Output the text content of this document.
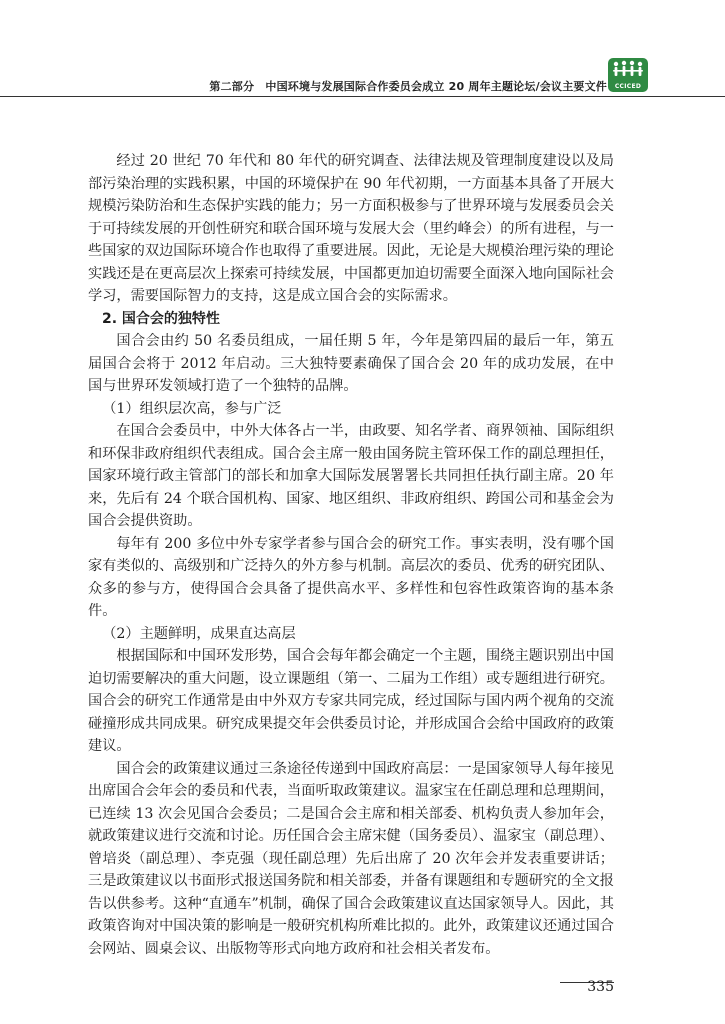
第二部分　中国环境与发展国际合作委员会成立 20 周年主题论坛/会议主要文件	CCICED

经过 20 世纪 70 年代和 80 年代的研究调查、法律法规及管理制度建设以及局部污染治理的实践积累，中国的环境保护在 90 年代初期，一方面基本具备了开展大规模污染防治和生态保护实践的能力；另一方面积极参与了世界环境与发展委员会关于可持续发展的开创性研究和联合国环境与发展大会（里约峰会）的所有进程，与一些国家的双边国际环境合作也取得了重要进展。因此，无论是大规模治理污染的理论实践还是在更高层次上探索可持续发展，中国都更加迫切需要全面深入地向国际社会学习，需要国际智力的支持，这是成立国合会的实际需求。

2. 国合会的独特性

国合会由约 50 名委员组成，一届任期 5 年，今年是第四届的最后一年，第五届国合会将于 2012 年启动。三大独特要素确保了国合会 20 年的成功发展，在中国与世界环发领域打造了一个独特的品牌。

（1）组织层次高，参与广泛

在国合会委员中，中外大体各占一半，由政要、知名学者、商界领袖、国际组织和环保非政府组织代表组成。国合会主席一般由国务院主管环保工作的副总理担任，国家环境行政主管部门的部长和加拿大国际发展署署长共同担任执行副主席。20 年来，先后有 24 个联合国机构、国家、地区组织、非政府组织、跨国公司和基金会为国合会提供资助。

每年有 200 多位中外专家学者参与国合会的研究工作。事实表明，没有哪个国家有类似的、高级别和广泛持久的外方参与机制。高层次的委员、优秀的研究团队、众多的参与方，使得国合会具备了提供高水平、多样性和包容性政策咨询的基本条件。

（2）主题鲜明，成果直达高层

根据国际和中国环发形势，国合会每年都会确定一个主题，围绕主题识别出中国迫切需要解决的重大问题，设立课题组（第一、二届为工作组）或专题组进行研究。国合会的研究工作通常是由中外双方专家共同完成，经过国际与国内两个视角的交流碰撞形成共同成果。研究成果提交年会供委员讨论，并形成国合会给中国政府的政策建议。

国合会的政策建议通过三条途径传递到中国政府高层：一是国家领导人每年接见出席国合会年会的委员和代表，当面听取政策建议。温家宝在任副总理和总理期间，已连续 13 次会见国合会委员；二是国合会主席和相关部委、机构负责人参加年会，就政策建议进行交流和讨论。历任国合会主席宋健（国务委员）、温家宝（副总理）、曾培炎（副总理）、李克强（现任副总理）先后出席了 20 次年会并发表重要讲话；三是政策建议以书面形式报送国务院和相关部委，并备有课题组和专题研究的全文报告以供参考。这种“直通车”机制，确保了国合会政策建议直达国家领导人。因此，其政策咨询对中国决策的影响是一般研究机构所难比拟的。此外，政策建议还通过国合会网站、圆桌会议、出版物等形式向地方政府和社会相关者发布。

335
